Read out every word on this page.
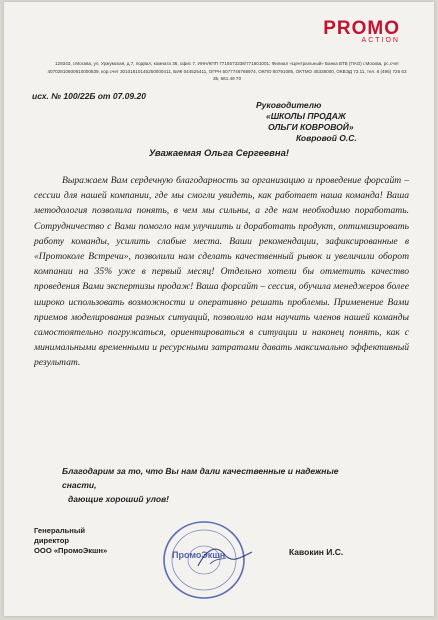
PROMO
ACTION
129343, г.Москва, ул. Уржумская, д.7, подвал, комната 36, офис 7, ИНН/КПП 7716573338/771601001; Филиал «Центральный» Банка ВТБ (ПАО) г.Москва, рс.счет
40702810600910000839, кор.счет 30101810145250000411, БИК 044525411, ОГРН 5077746768974, ОКПО 80791085, ОКТМО 45335000, ОКВЭД 73.11, тел. 8 (495) 725 63
35, 661 49 70
исх. № 100/22Б от 07.09.20
Руководителю
«ШКОЛЫ ПРОДАЖ
ОЛЬГИ КОВРОВОЙ»
Ковровой О.С.
Уважаемая Ольга Сергеевна!

Выражаем Вам сердечную благодарность за организацию и проведение форсайт – сессии для нашей компании, где мы смогли увидеть, как работает наша команда! Ваша методология позволила понять, в чем мы сильны, а где нам необходимо поработать. Сотрудничество с Вами помогло нам улучшить и доработать продукт, оптимизировать работу команды, усилить слабые места. Ваши рекомендации, зафиксированные в «Протоколе Встречи», позволили нам сделать качественный рывок и увеличили оборот компании на 35% уже в первый месяц! Отдельно хотели бы отметить качество проведения Вами экспертизы продаж! Ваша форсайт – сессия, обучила менеджеров более широко использовать возможности и оперативно решать проблемы. Применение Вами приемов моделирования разных ситуаций, позволило нам научить членов нашей команды самостоятельно погружаться, ориентироваться в ситуации и наконец понять, как с минимальными временными и ресурсными затратами давать максимально эффективный результат.

Благодарим за то, что Вы нам дали качественные и надежные снасти,
дающие хороший улов!
Генеральный
директор
ООО «ПромоЭкшн»	ПромоЭкшн	Кавокин И.С.
